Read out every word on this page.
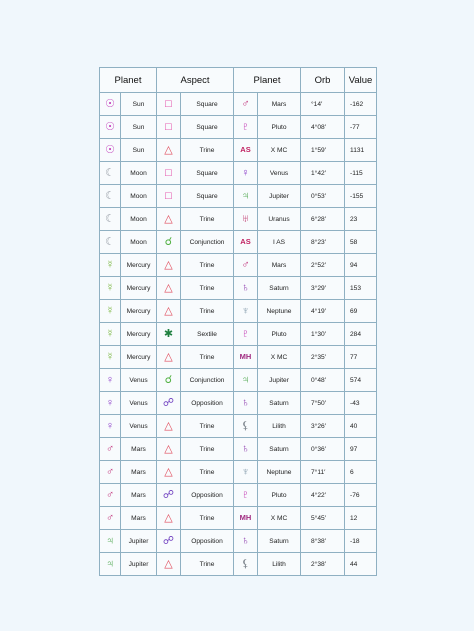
Planet		Aspect		Planet		Orb	Value
☉	Sun	□	Square	♂	Mars	°14′	-162
☉	Sun	□	Square	♇	Pluto	4°08′	-77
☉	Sun	△	Trine	AS	X MC	1°59′	1131
☾	Moon	□	Square	♀	Venus	1°42′	-115
☾	Moon	□	Square	♃	Jupiter	0°53′	-155
☾	Moon	△	Trine	♅	Uranus	6°28′	23
☾	Moon	☌	Conjunction	AS	I AS	8°23′	58
☿	Mercury	△	Trine	♂	Mars	2°52′	94
☿	Mercury	△	Trine	♄	Saturn	3°29′	153
☿	Mercury	△	Trine	♆	Neptune	4°19′	69
☿	Mercury	✱	Sextile	♇	Pluto	1°30′	284
☿	Mercury	△	Trine	MH	X MC	2°35′	77
♀	Venus	☌	Conjunction	♃	Jupiter	0°48′	574
♀	Venus	☍	Opposition	♄	Saturn	7°50′	-43
♀	Venus	△	Trine	⚸	Lilith	3°26′	40
♂	Mars	△	Trine	♄	Saturn	0°36′	97
♂	Mars	△	Trine	♆	Neptune	7°11′	6
♂	Mars	☍	Opposition	♇	Pluto	4°22′	-76
♂	Mars	△	Trine	MH	X MC	5°45′	12
♃	Jupiter	☍	Opposition	♄	Saturn	8°38′	-18
♃	Jupiter	△	Trine	⚸	Lilith	2°38′	44
